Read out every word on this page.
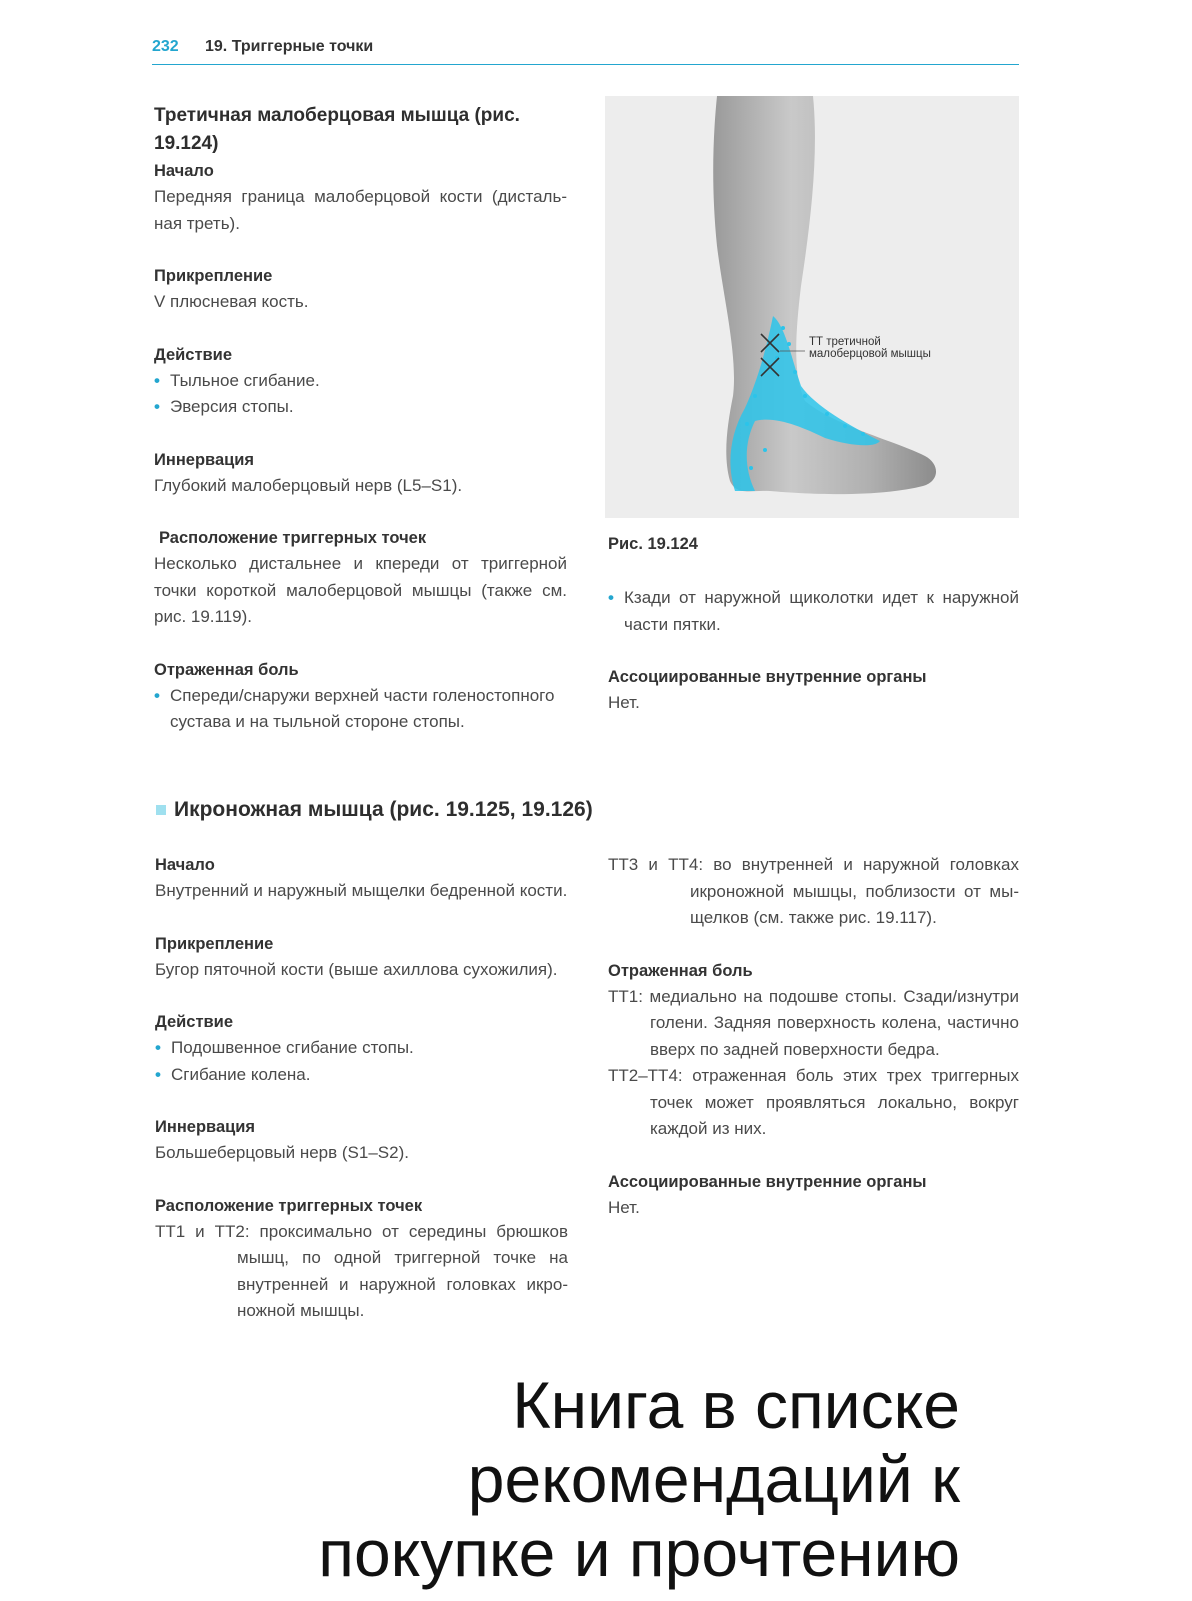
232 19. Триггерные точки
Третичная малоберцовая мышца (рис. 19.124)
Начало
Передняя граница малоберцовой кости (дисталь-ная треть).
Прикрепление
V плюсневая кость.
Действие
• Тыльное сгибание.
• Эверсия стопы.
Иннервация
Глубокий малоберцовый нерв (L5–S1).
Расположение триггерных точек
Несколько дистальнее и кпереди от триггерной точки короткой малоберцовой мышцы (также см. рис. 19.119).
Отраженная боль
• Спереди/снаружи верхней части голеностопного сустава и на тыльной стороне стопы.
ТТ третичной
малоберцовой мышцы
Рис. 19.124
• Кзади от наружной щиколотки идет к наружной части пятки.
Ассоциированные внутренние органы
Нет.
Икроножная мышца (рис. 19.125, 19.126)
Начало
Внутренний и наружный мыщелки бедренной кости.
Прикрепление
Бугор пяточной кости (выше ахиллова сухожилия).
Действие
• Подошвенное сгибание стопы.
• Сгибание колена.
Иннервация
Большеберцовый нерв (S1–S2).
Расположение триггерных точек
ТТ1 и ТТ2: проксимально от середины брюшков мышц, по одной триггерной точке на внутренней и наружной головках икро-ножной мышцы.
ТТ3 и ТТ4: во внутренней и наружной головках икроножной мышцы, поблизости от мы-щелков (см. также рис. 19.117).
Отраженная боль
ТТ1: медиально на подошве стопы. Сзади/изнутри голени. Задняя поверхность колена, частично вверх по задней поверхности бедра.
ТТ2–ТТ4: отраженная боль этих трех триггерных точек может проявляться локально, вокруг каждой из них.
Ассоциированные внутренние органы
Нет.
Книга в списке
рекомендаций к
покупке и прочтению
